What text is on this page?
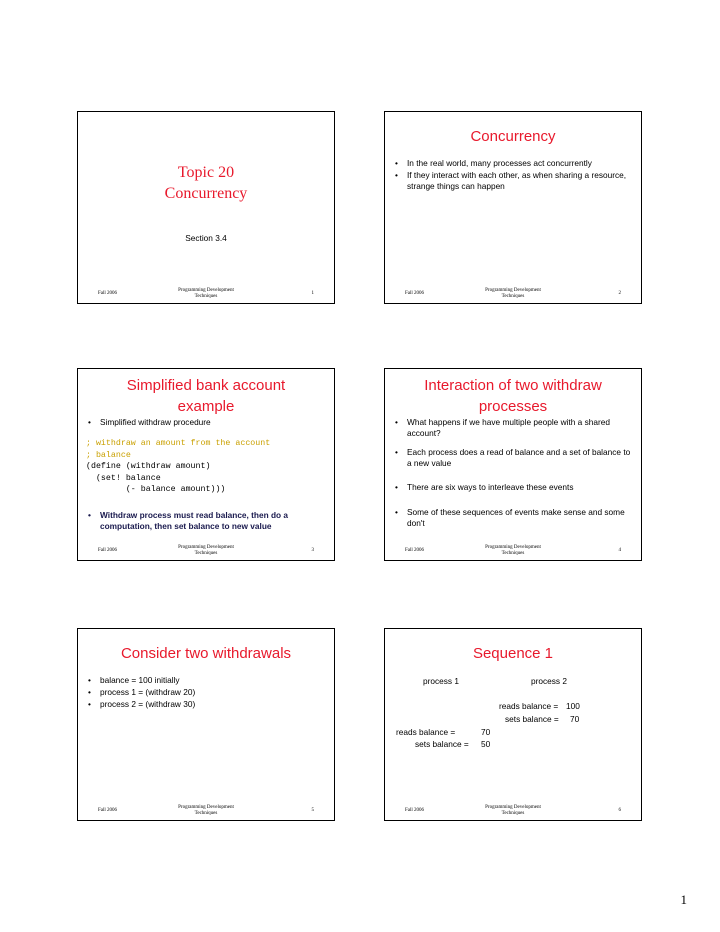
Topic 20
Concurrency
Section 3.4
Fall 2006
Programming Development
Techniques
1
Concurrency
• In the real world, many processes act concurrently
• If they interact with each other, as when sharing a resource, strange things can happen
Fall 2006
Programming Development
Techniques
2
Simplified bank account
example
• Simplified withdraw procedure
; withdraw an amount from the account
; balance
(define (withdraw amount)
(set! balance
(- balance amount)))
• Withdraw process must read balance, then do a computation, then set balance to new value
Fall 2006
Programming Development
Techniques
3
Interaction of two withdraw
processes
• What happens if we have multiple people with a shared account?
• Each process does a read of balance and a set of balance to a new value
• There are six ways to interleave these events
• Some of these sequences of events make sense and some don't
Fall 2006
Programming Development
Techniques
4
Consider two withdrawals
• balance = 100 initially
• process 1 = (withdraw 20)
• process 2 = (withdraw 30)
Fall 2006
Programming Development
Techniques
5
Sequence 1
process 1	process 2
reads balance = 100
sets balance = 70
reads balance =	70
sets balance = 50
Fall 2006
Programming Development
Techniques
6
1
